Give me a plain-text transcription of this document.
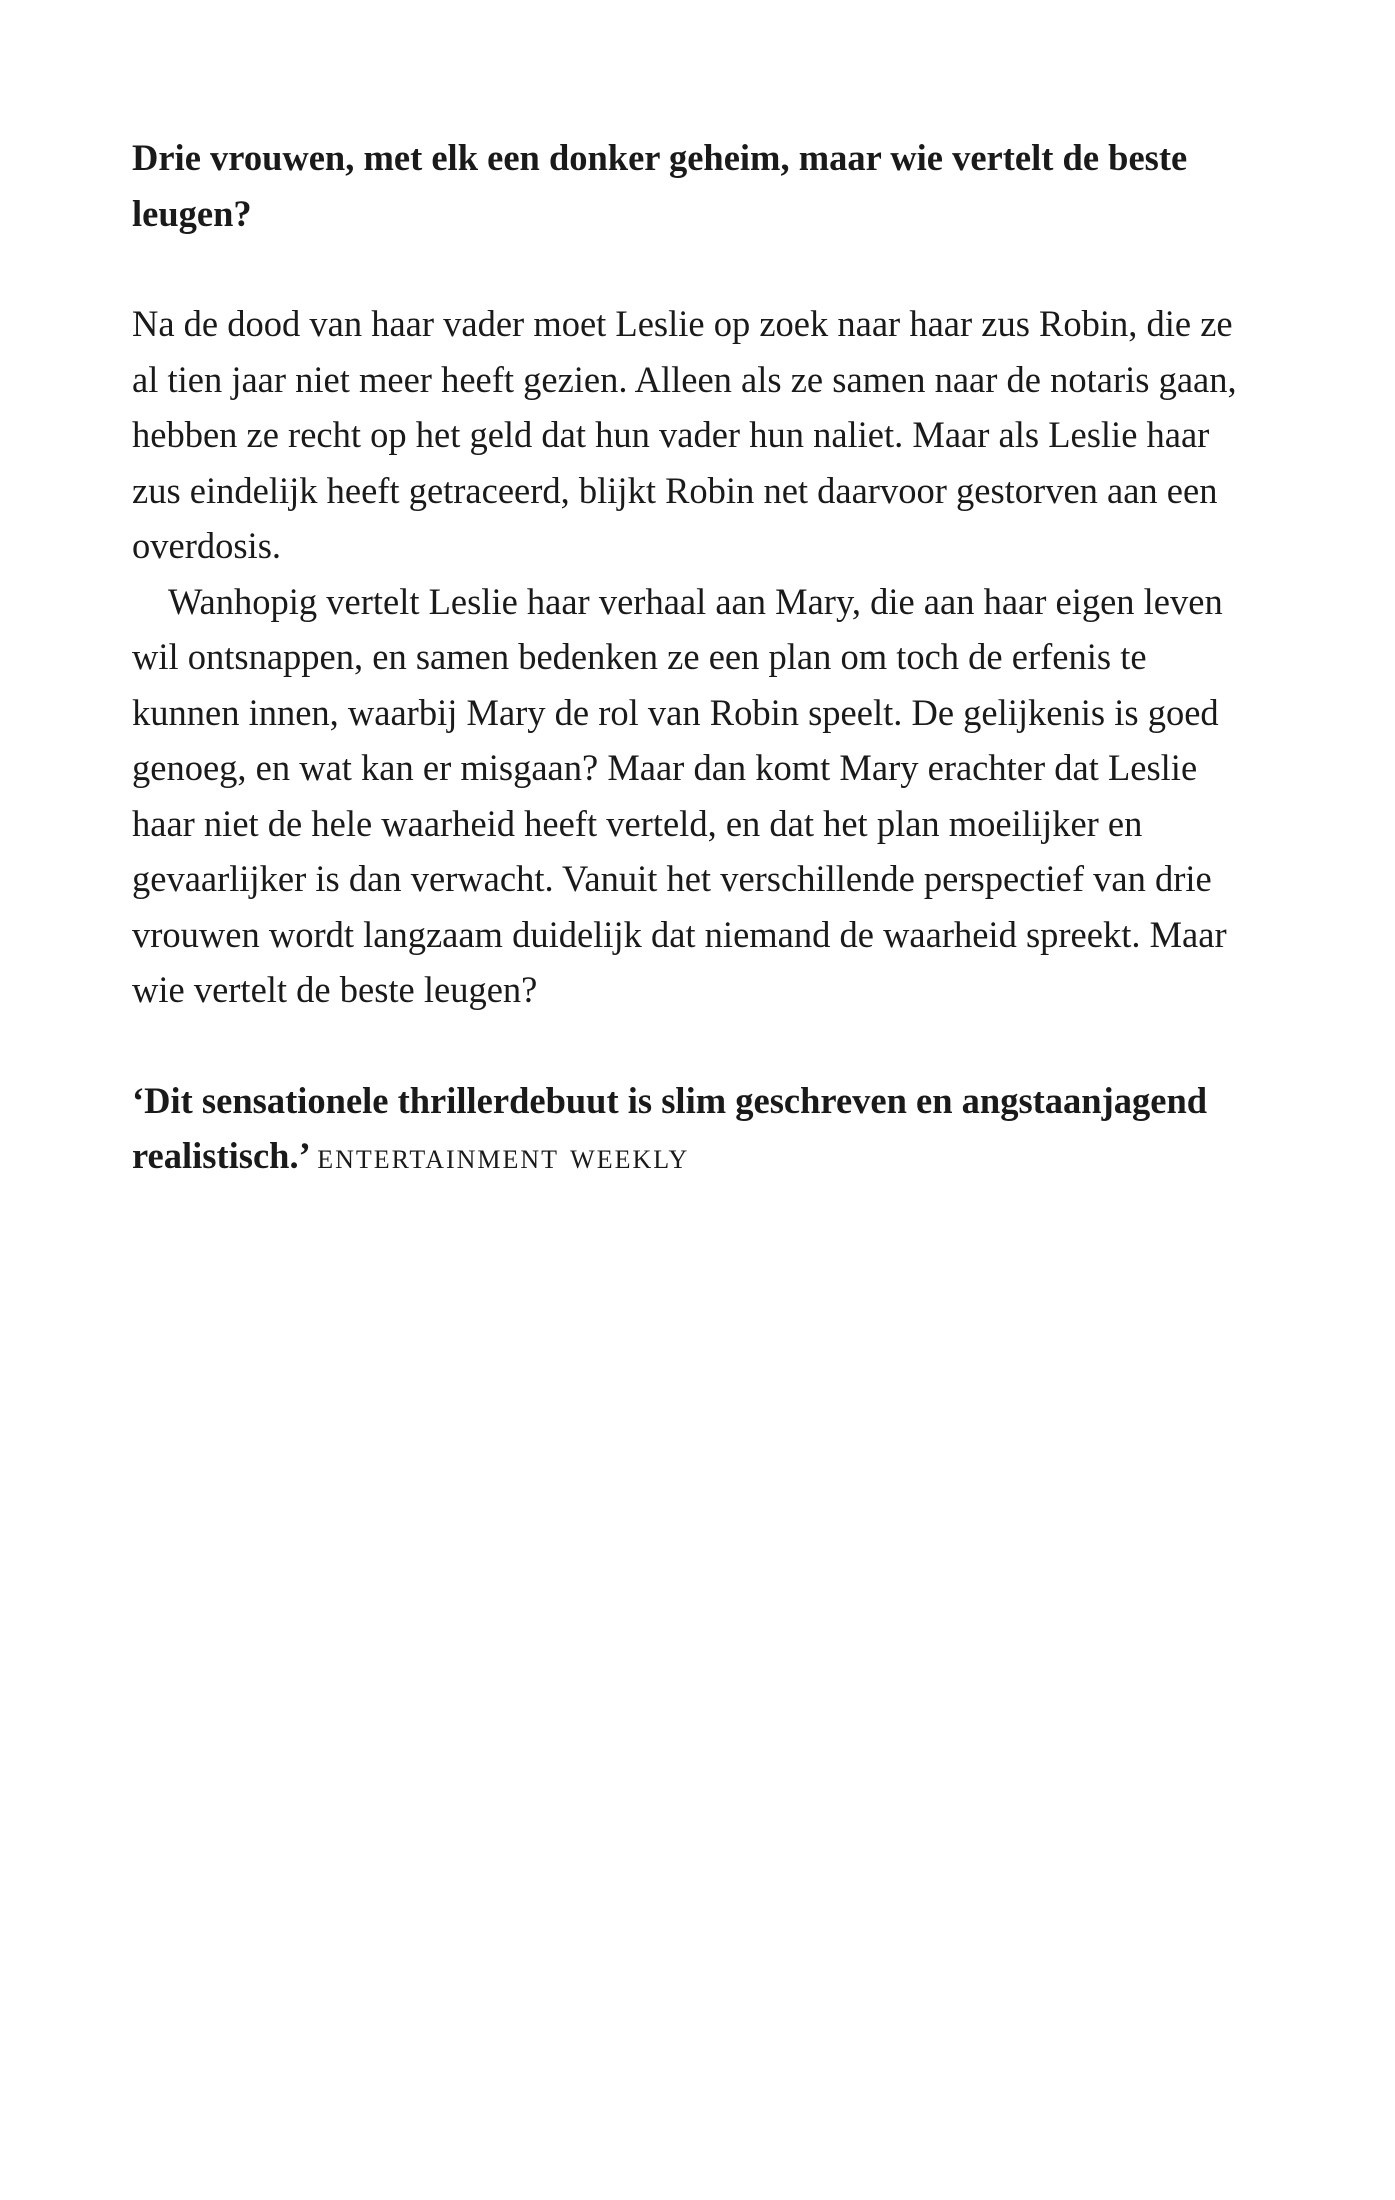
Drie vrouwen, met elk een donker geheim, maar wie vertelt de beste leugen?

Na de dood van haar vader moet Leslie op zoek naar haar zus Robin, die ze al tien jaar niet meer heeft gezien. Alleen als ze samen naar de notaris gaan, hebben ze recht op het geld dat hun vader hun naliet. Maar als Leslie haar zus eindelijk heeft getraceerd, blijkt Robin net daarvoor gestorven aan een overdosis.

Wanhopig vertelt Leslie haar verhaal aan Mary, die aan haar eigen leven wil ontsnappen, en samen bedenken ze een plan om toch de erfenis te kunnen innen, waarbij Mary de rol van Robin speelt. De gelijkenis is goed genoeg, en wat kan er misgaan? Maar dan komt Mary erachter dat Leslie haar niet de hele waarheid heeft verteld, en dat het plan moeilijker en gevaarlijker is dan verwacht. Vanuit het verschillende perspectief van drie vrouwen wordt langzaam duidelijk dat niemand de waarheid spreekt. Maar wie vertelt de beste leugen?

‘Dit sensationele thrillerdebuut is slim geschreven en angstaanjagend realistisch.’ entertainment weekly
